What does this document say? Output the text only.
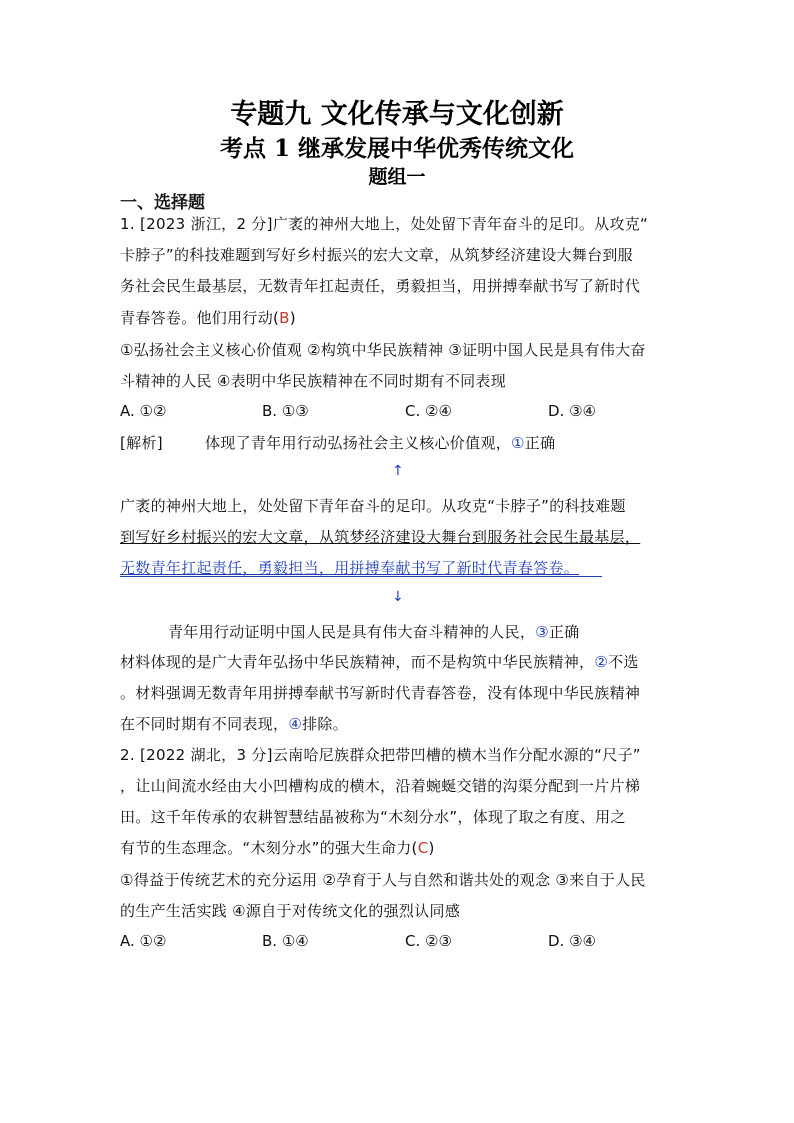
专题九 文化传承与文化创新
考点 1 继承发展中华优秀传统文化
题组一
一、选择题
1. [2023 浙江，2 分]广袤的神州大地上，处处留下青年奋斗的足印。从攻克“
卡脖子”的科技难题到写好乡村振兴的宏大文章，从筑梦经济建设大舞台到服
务社会民生最基层，无数青年扛起责任，勇毅担当，用拼搏奉献书写了新时代
青春答卷。他们用行动(B)
①弘扬社会主义核心价值观 ②构筑中华民族精神 ③证明中国人民是具有伟大奋
斗精神的人民 ④表明中华民族精神在不同时期有不同表现
A. ①②	B. ①③	C. ②④	D. ③④
[解析]	体现了青年用行动弘扬社会主义核心价值观，①正确
↑
广袤的神州大地上，处处留下青年奋斗的足印。从攻克“卡脖子”的科技难题
到写好乡村振兴的宏大文章，从筑梦经济建设大舞台到服务社会民生最基层，
无数青年扛起责任，勇毅担当，用拼搏奉献书写了新时代青春答卷。
↓
青年用行动证明中国人民是具有伟大奋斗精神的人民，③正确
材料体现的是广大青年弘扬中华民族精神，而不是构筑中华民族精神，②不选
。材料强调无数青年用拼搏奉献书写新时代青春答卷，没有体现中华民族精神
在不同时期有不同表现，④排除。
2. [2022 湖北，3 分]云南哈尼族群众把带凹槽的横木当作分配水源的“尺子”
，让山间流水经由大小凹槽构成的横木，沿着蜿蜒交错的沟渠分配到一片片梯
田。这千年传承的农耕智慧结晶被称为“木刻分水”，体现了取之有度、用之
有节的生态理念。“木刻分水”的强大生命力(C)
①得益于传统艺术的充分运用 ②孕育于人与自然和谐共处的观念 ③来自于人民
的生产生活实践 ④源自于对传统文化的强烈认同感
A. ①②	B. ①④	C. ②③	D. ③④
